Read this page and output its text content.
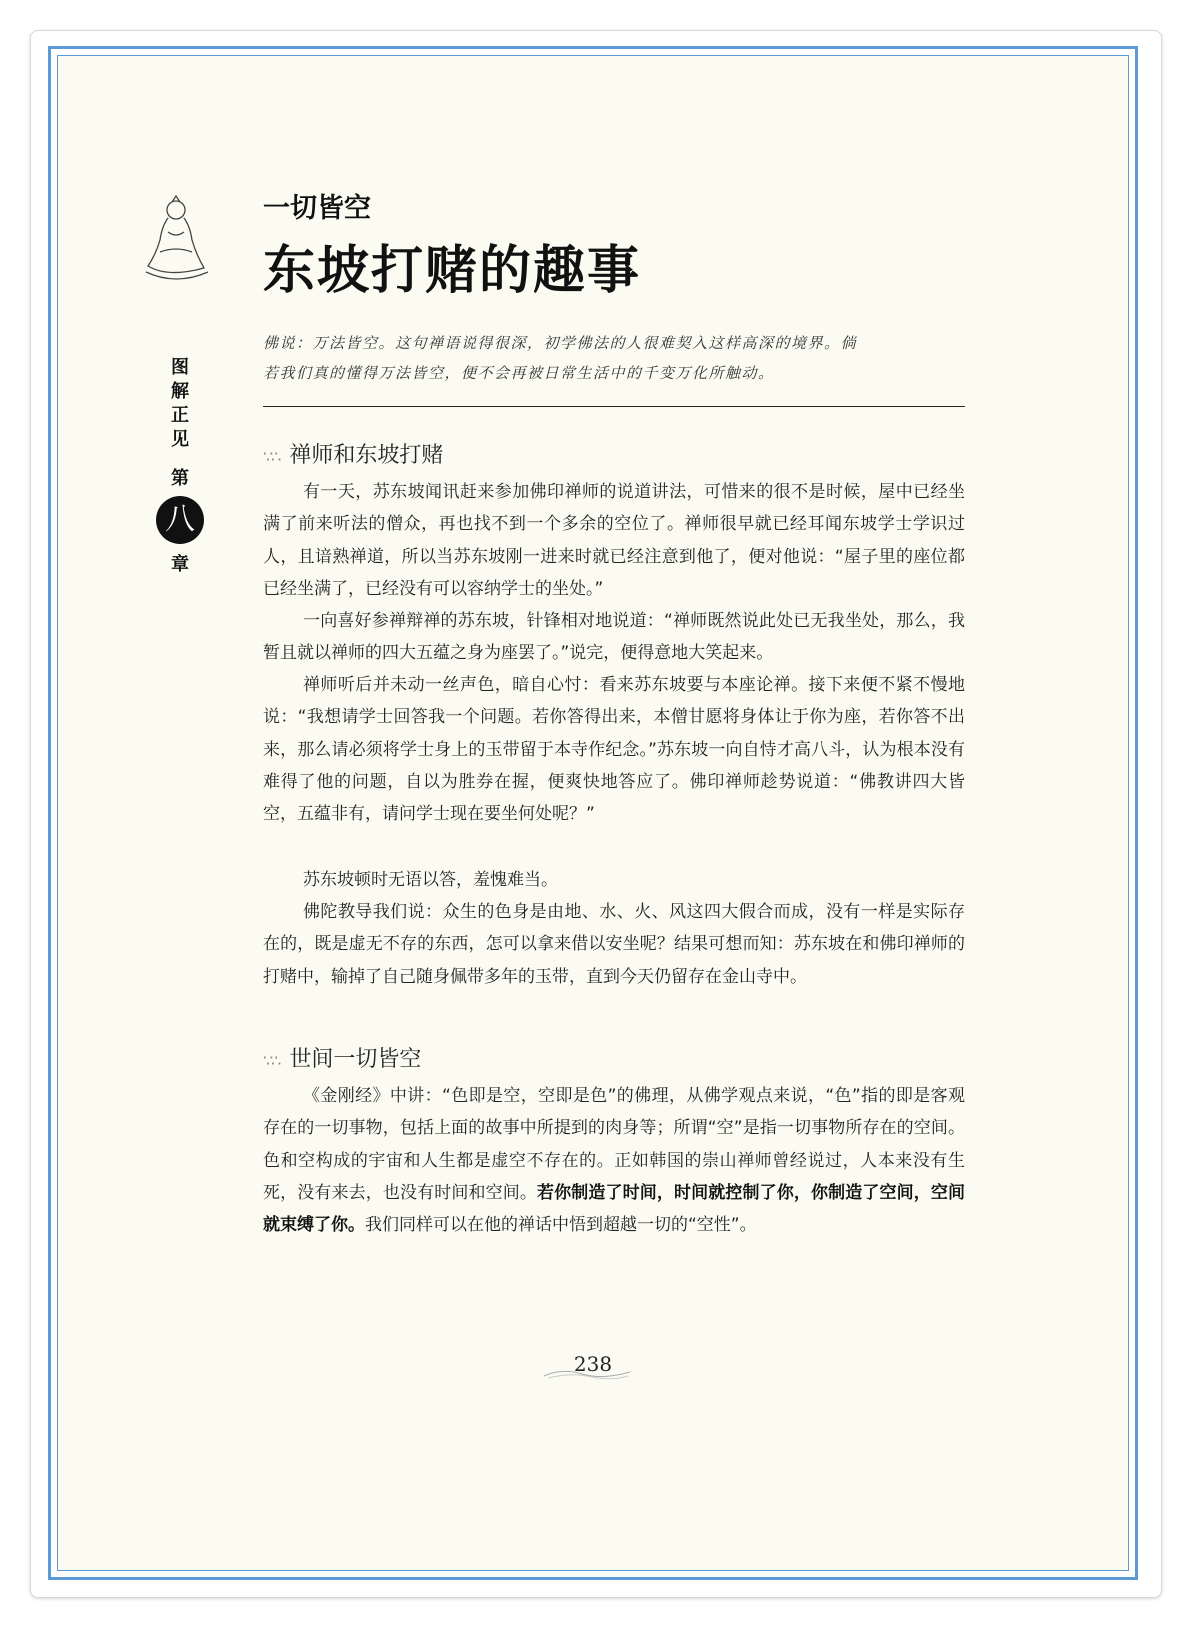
图
解
正
见
第
八
章
一切皆空
东坡打赌的趣事
佛说：万法皆空。这句禅语说得很深，初学佛法的人很难契入这样高深的境界。倘
若我们真的懂得万法皆空，便不会再被日常生活中的千变万化所触动。
∵∴ 禅师和东坡打赌

有一天，苏东坡闻讯赶来参加佛印禅师的说道讲法，可惜来的很不是时候，屋中已经坐满了前来听法的僧众，再也找不到一个多余的空位了。禅师很早就已经耳闻东坡学士学识过人，且谙熟禅道，所以当苏东坡刚一进来时就已经注意到他了，便对他说：“屋子里的座位都已经坐满了，已经没有可以容纳学士的坐处。”

一向喜好参禅辩禅的苏东坡，针锋相对地说道：“禅师既然说此处已无我坐处，那么，我暂且就以禅师的四大五蕴之身为座罢了。”说完，便得意地大笑起来。

禅师听后并未动一丝声色，暗自心忖：看来苏东坡要与本座论禅。接下来便不紧不慢地说：“我想请学士回答我一个问题。若你答得出来，本僧甘愿将身体让于你为座，若你答不出来，那么请必须将学士身上的玉带留于本寺作纪念。”苏东坡一向自恃才高八斗，认为根本没有难得了他的问题，自以为胜券在握，便爽快地答应了。佛印禅师趁势说道：“佛教讲四大皆空，五蕴非有，请问学士现在要坐何处呢？”

苏东坡顿时无语以答，羞愧难当。

佛陀教导我们说：众生的色身是由地、水、火、风这四大假合而成，没有一样是实际存在的，既是虚无不存的东西，怎可以拿来借以安坐呢？结果可想而知：苏东坡在和佛印禅师的打赌中，输掉了自己随身佩带多年的玉带，直到今天仍留存在金山寺中。

∵∴ 世间一切皆空

《金刚经》中讲：“色即是空，空即是色”的佛理，从佛学观点来说，“色”指的即是客观存在的一切事物，包括上面的故事中所提到的肉身等；所谓“空”是指一切事物所存在的空间。色和空构成的宇宙和人生都是虚空不存在的。正如韩国的崇山禅师曾经说过，人本来没有生死，没有来去，也没有时间和空间。若你制造了时间，时间就控制了你，你制造了空间，空间就束缚了你。我们同样可以在他的禅话中悟到超越一切的“空性”。

238
